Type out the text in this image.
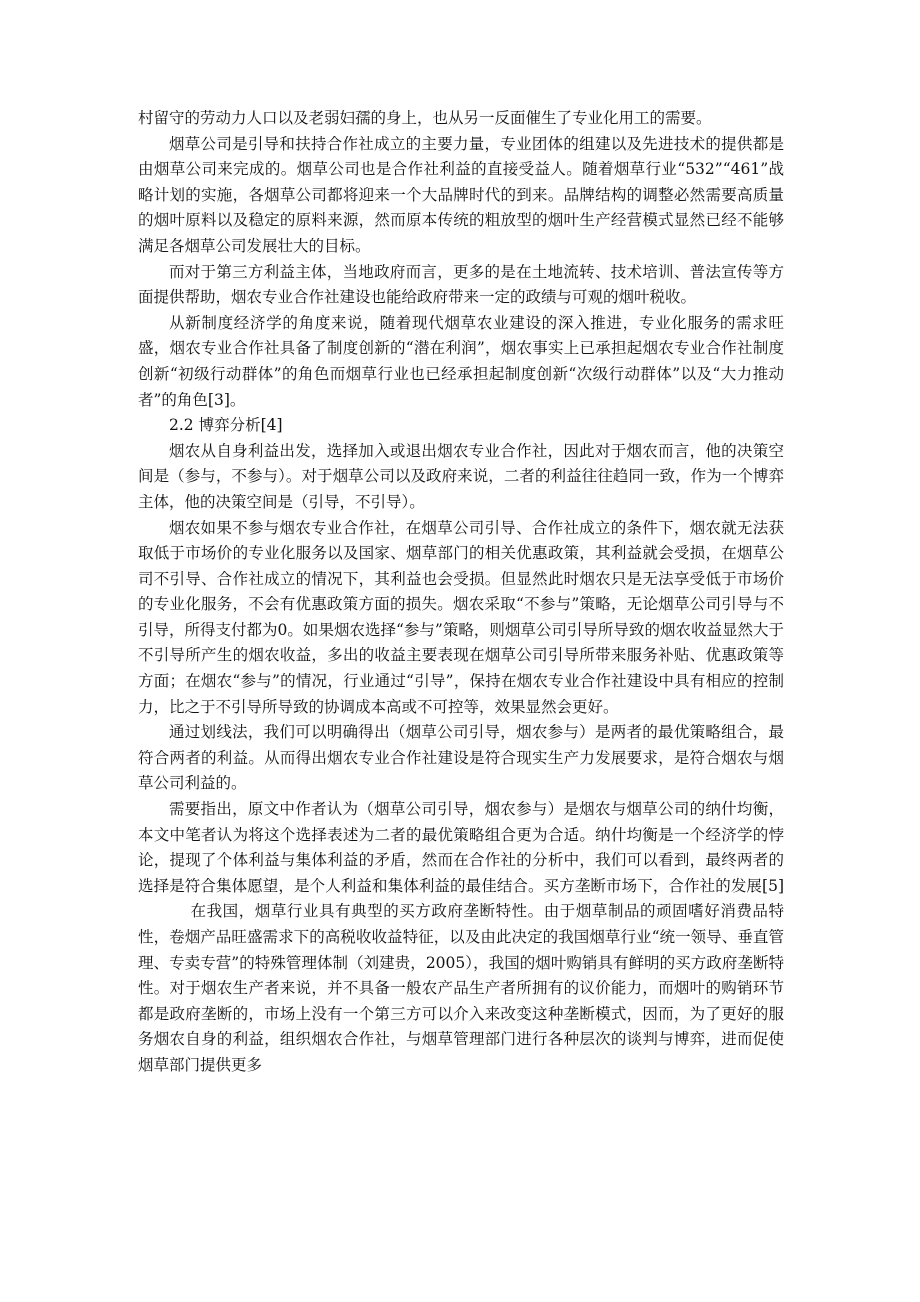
村留守的劳动力人口以及老弱妇孺的身上，也从另一反面催生了专业化用工的需要。

烟草公司是引导和扶持合作社成立的主要力量，专业团体的组建以及先进技术的提供都是由烟草公司来完成的。烟草公司也是合作社利益的直接受益人。随着烟草行业“532”“461”战略计划的实施，各烟草公司都将迎来一个大品牌时代的到来。品牌结构的调整必然需要高质量的烟叶原料以及稳定的原料来源，然而原本传统的粗放型的烟叶生产经营模式显然已经不能够满足各烟草公司发展壮大的目标。

而对于第三方利益主体，当地政府而言，更多的是在土地流转、技术培训、普法宣传等方面提供帮助，烟农专业合作社建设也能给政府带来一定的政绩与可观的烟叶税收。

从新制度经济学的角度来说，随着现代烟草农业建设的深入推进，专业化服务的需求旺盛，烟农专业合作社具备了制度创新的“潜在利润”，烟农事实上已承担起烟农专业合作社制度创新“初级行动群体”的角色而烟草行业也已经承担起制度创新“次级行动群体”以及“大力推动者”的角色[3]。

2.2 博弈分析[4]

烟农从自身利益出发，选择加入或退出烟农专业合作社，因此对于烟农而言，他的决策空间是（参与，不参与）。对于烟草公司以及政府来说，二者的利益往往趋同一致，作为一个博弈主体，他的决策空间是（引导，不引导）。

烟农如果不参与烟农专业合作社，在烟草公司引导、合作社成立的条件下，烟农就无法获取低于市场价的专业化服务以及国家、烟草部门的相关优惠政策，其利益就会受损，在烟草公司不引导、合作社成立的情况下，其利益也会受损。但显然此时烟农只是无法享受低于市场价的专业化服务，不会有优惠政策方面的损失。烟农采取“不参与”策略，无论烟草公司引导与不引导，所得支付都为0。如果烟农选择“参与”策略，则烟草公司引导所导致的烟农收益显然大于不引导所产生的烟农收益，多出的收益主要表现在烟草公司引导所带来服务补贴、优惠政策等方面；在烟农“参与”的情况，行业通过“引导”，保持在烟农专业合作社建设中具有相应的控制力，比之于不引导所导致的协调成本高或不可控等，效果显然会更好。

通过划线法，我们可以明确得出（烟草公司引导，烟农参与）是两者的最优策略组合，最符合两者的利益。从而得出烟农专业合作社建设是符合现实生产力发展要求，是符合烟农与烟草公司利益的。

需要指出，原文中作者认为（烟草公司引导，烟农参与）是烟农与烟草公司的纳什均衡，本文中笔者认为将这个选择表述为二者的最优策略组合更为合适。纳什均衡是一个经济学的悖论，提现了个体利益与集体利益的矛盾，然而在合作社的分析中，我们可以看到，最终两者的选择是符合集体愿望，是个人利益和集体利益的最佳结合。买方垄断市场下，合作社的发展[5]在我国，烟草行业具有典型的买方政府垄断特性。由于烟草制品的顽固嗜好消费品特性，卷烟产品旺盛需求下的高税收收益特征，以及由此决定的我国烟草行业“统一领导、垂直管理、专卖专营”的特殊管理体制（刘建贵，2005），我国的烟叶购销具有鲜明的买方政府垄断特性。对于烟农生产者来说，并不具备一般农产品生产者所拥有的议价能力，而烟叶的购销环节都是政府垄断的，市场上没有一个第三方可以介入来改变这种垄断模式，因而，为了更好的服务烟农自身的利益，组织烟农合作社，与烟草管理部门进行各种层次的谈判与博弈，进而促使烟草部门提供更多
